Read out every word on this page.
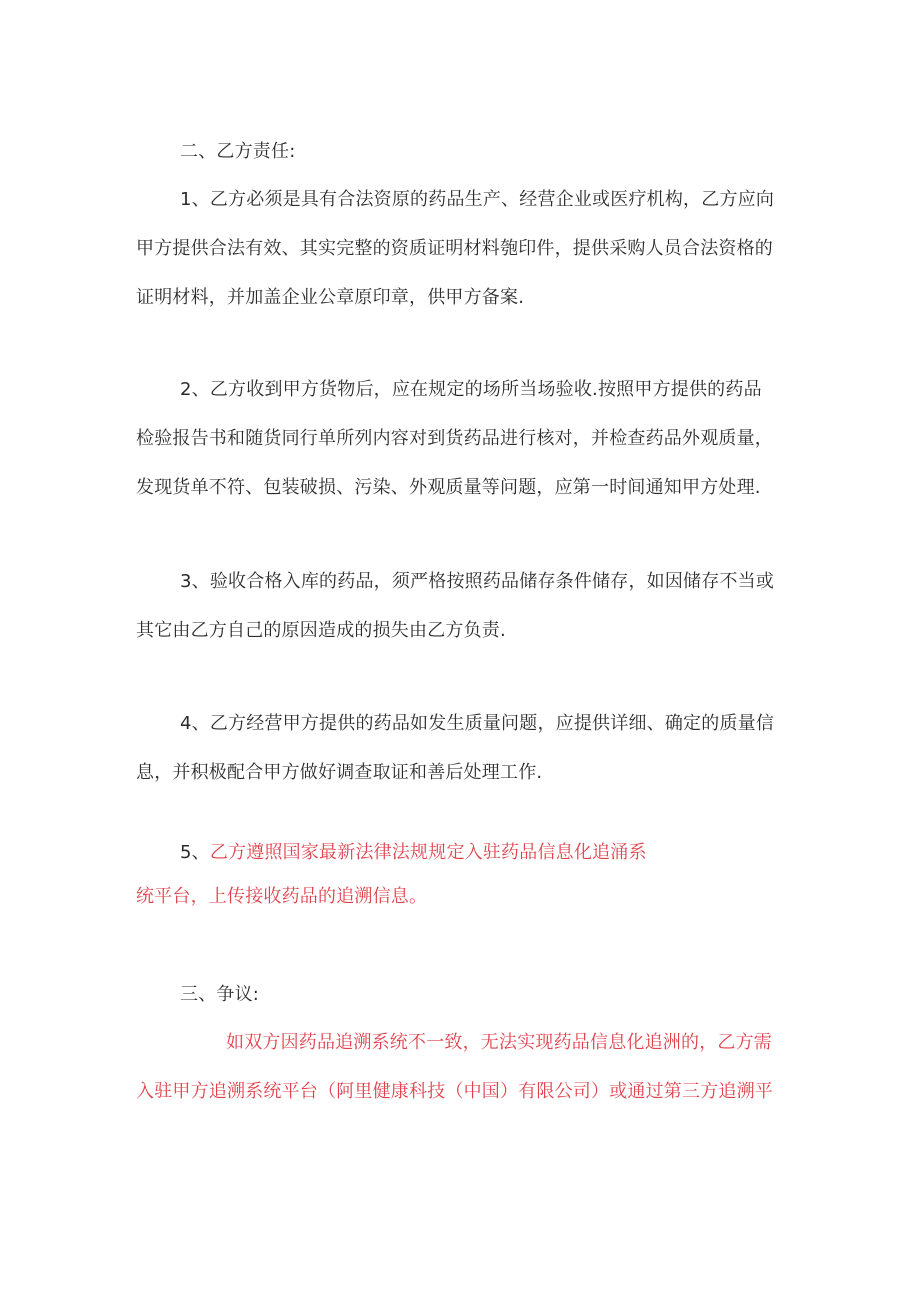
二、乙方责任:
1、乙方必须是具有合法资原的药品生产、经营企业或医疗机构，乙方应向
甲方提供合法有效、其实完整的资质证明材料匏印件，提供采购人员合法资格的
证明材料，并加盖企业公章原印章，供甲方备案.
2、乙方收到甲方货物后，应在规定的场所当场验收.按照甲方提供的药品
检验报告书和随货同行单所列内容对到货药品进行核对，并检查药品外观质量，
发现货单不符、包装破损、污染、外观质量等问题，应第一时间通知甲方处理.
3、验收合格入库的药品，须严格按照药品储存条件储存，如因储存不当或
其它由乙方自己的原因造成的损失由乙方负责.
4、乙方经营甲方提供的药品如发生质量问题，应提供详细、确定的质量信
息，并积极配合甲方做好调查取证和善后处理工作.
5、乙方遵照国家最新法律法规规定入驻药品信息化追涌系
统平台，上传接收药品的追溯信息。
三、争议:
如双方因药品追溯系统不一致，无法实现药品信息化追洲的，乙方需
入驻甲方追溯系统平台（阿里健康科技（中国）有限公司）或通过第三方追溯平
